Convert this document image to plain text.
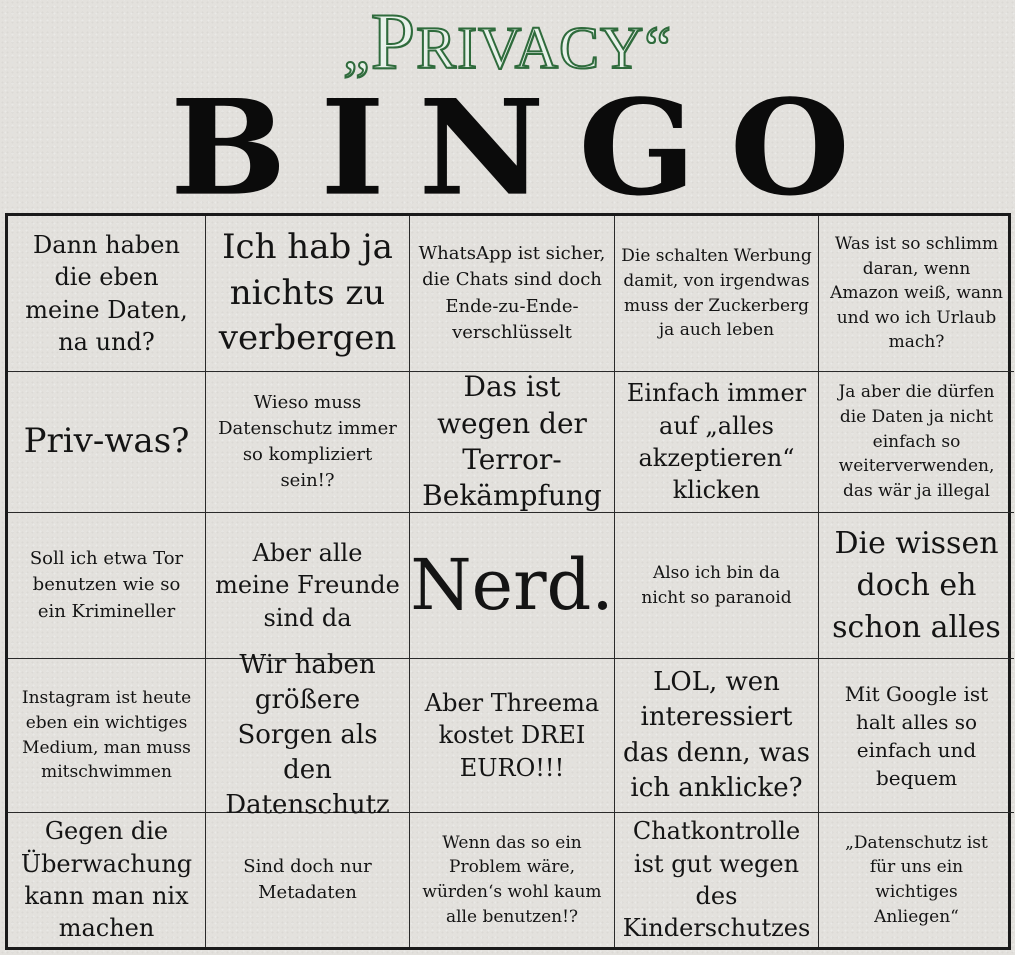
„PRIVACY“
B I N G O
Dann haben die eben meine Daten, na und?
Ich hab ja nichts zu verbergen
WhatsApp ist sicher, die Chats sind doch Ende-zu-Ende-verschlüsselt
Die schalten Werbung damit, von irgendwas muss der Zuckerberg ja auch leben
Was ist so schlimm daran, wenn Amazon weiß, wann und wo ich Urlaub mach?
Priv-was?
Wieso muss Datenschutz immer so kompliziert sein!?
Das ist wegen der Terror-Bekämpfung
Einfach immer auf „alles akzeptieren“ klicken
Ja aber die dürfen die Daten ja nicht einfach so weiterverwenden, das wär ja illegal
Soll ich etwa Tor benutzen wie so ein Krimineller
Aber alle meine Freunde sind da Nerd.	Also ich bin da nicht so paranoid
Die wissen doch eh schon alles
Instagram ist heute eben ein wichtiges Medium, man muss mitschwimmen
Wir haben größere Sorgen als den Datenschutz
Aber Threema kostet DREI EURO!!!
LOL, wen interessiert das denn, was ich anklicke?
Mit Google ist halt alles so einfach und bequem
Gegen die Überwachung kann man nix machen
Sind doch nur Metadaten
Wenn das so ein Problem wäre, würden‘s wohl kaum alle benutzen!?
Chatkontrolle ist gut wegen des Kinderschutzes
„Datenschutz ist für uns ein wichtiges Anliegen“
